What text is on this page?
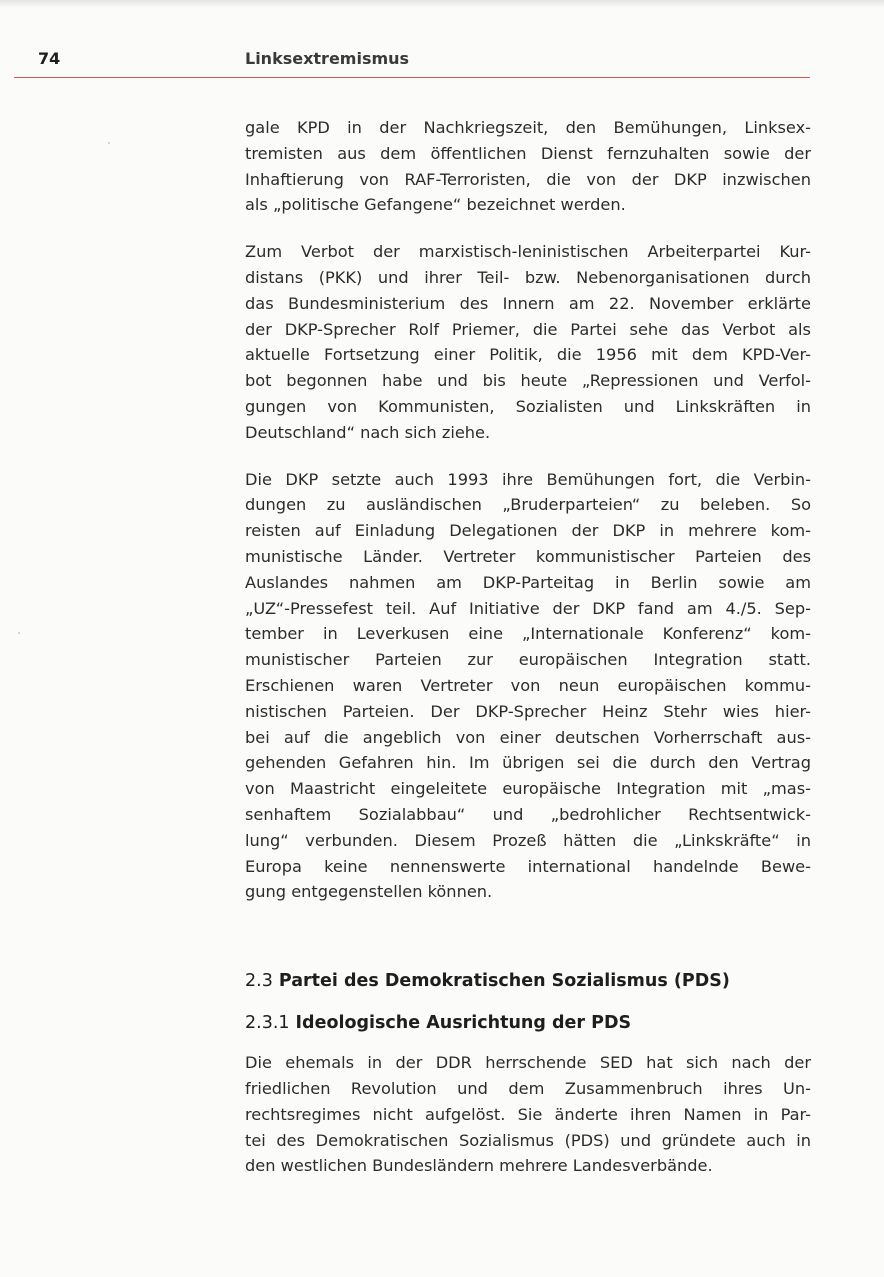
74	Linksextremismus

gale KPD in der Nachkriegszeit, den Bemühungen, Linksex-
tremisten aus dem öffentlichen Dienst fernzuhalten sowie der
Inhaftierung von RAF-Terroristen, die von der DKP inzwischen
als „politische Gefangene“ bezeichnet werden.

Zum Verbot der marxistisch-leninistischen Arbeiterpartei Kur-
distans (PKK) und ihrer Teil- bzw. Nebenorganisationen durch
das Bundesministerium des Innern am 22. November erklärte
der DKP-Sprecher Rolf Priemer, die Partei sehe das Verbot als
aktuelle Fortsetzung einer Politik, die 1956 mit dem KPD-Ver-
bot begonnen habe und bis heute „Repressionen und Verfol-
gungen von Kommunisten, Sozialisten und Linkskräften in
Deutschland“ nach sich ziehe.

Die DKP setzte auch 1993 ihre Bemühungen fort, die Verbin-
dungen zu ausländischen „Bruderparteien“ zu beleben. So
reisten auf Einladung Delegationen der DKP in mehrere kom-
munistische Länder. Vertreter kommunistischer Parteien des
Auslandes nahmen am DKP-Parteitag in Berlin sowie am
„UZ“-Pressefest teil. Auf Initiative der DKP fand am 4./5. Sep-
tember in Leverkusen eine „Internationale Konferenz“ kom-
munistischer Parteien zur europäischen Integration statt.
Erschienen waren Vertreter von neun europäischen kommu-
nistischen Parteien. Der DKP-Sprecher Heinz Stehr wies hier-
bei auf die angeblich von einer deutschen Vorherrschaft aus-
gehenden Gefahren hin. Im übrigen sei die durch den Vertrag
von Maastricht eingeleitete europäische Integration mit „mas-
senhaftem Sozialabbau“ und „bedrohlicher Rechtsentwick-
lung“ verbunden. Diesem Prozeß hätten die „Linkskräfte“ in
Europa keine nennenswerte international handelnde Bewe-
gung entgegenstellen können.

2.3 Partei des Demokratischen Sozialismus (PDS)
2.3.1 Ideologische Ausrichtung der PDS

Die ehemals in der DDR herrschende SED hat sich nach der
friedlichen Revolution und dem Zusammenbruch ihres Un-
rechtsregimes nicht aufgelöst. Sie änderte ihren Namen in Par-
tei des Demokratischen Sozialismus (PDS) und gründete auch in
den westlichen Bundesländern mehrere Landesverbände.
